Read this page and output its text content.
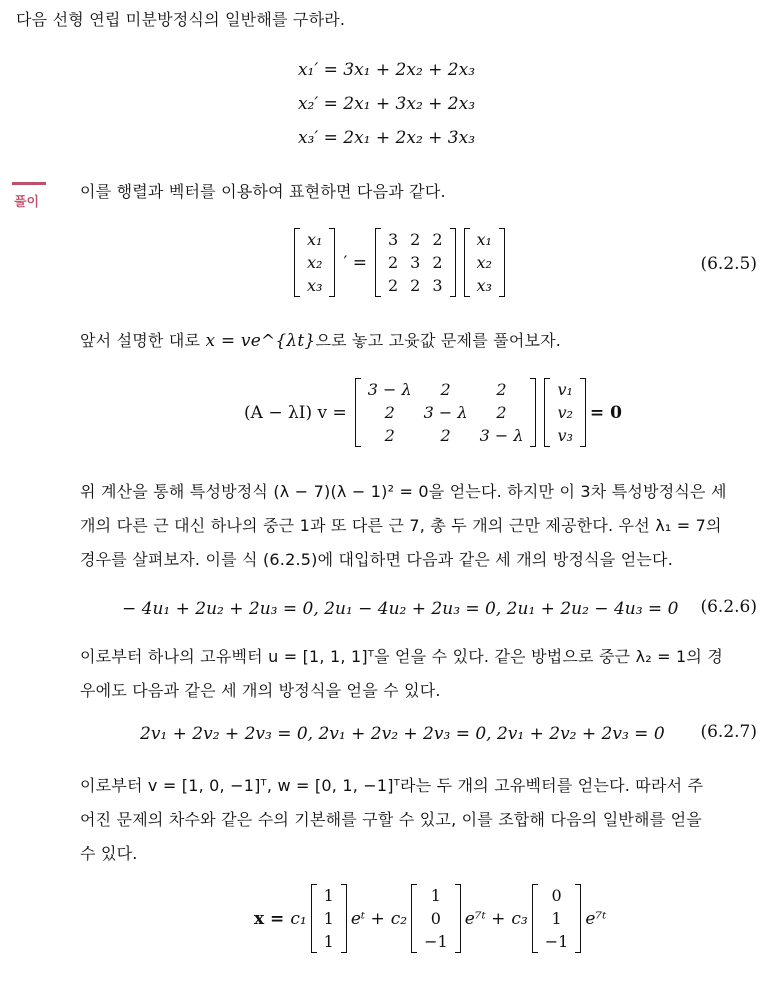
다음 선형 연립 미분방정식의 일반해를 구하라.
x₁′ = 3x₁ + 2x₂ + 2x₃
x₂′ = 2x₁ + 3x₂ + 2x₃
x₃′ = 2x₁ + 2x₂ + 3x₃
풀이
이를 행렬과 벡터를 이용하여 표현하면 다음과 같다.
x₁
x₂
x₃
′ =
3 2 2
2 3 2
2 2 3
x₁
x₂
x₃
(6.2.5)
앞서 설명한 대로 x = ve^{λt}으로 놓고 고윳값 문제를 풀어보자.
(A − λI) v =
3 − λ	2	2
2	3 − λ	2
2	2	3 − λ
v₁
v₂
v₃
= 0
위 계산을 통해 특성방정식 (λ − 7)(λ − 1)² = 0을 얻는다. 하지만 이 3차 특성방정식은 세
개의 다른 근 대신 하나의 중근 1과 또 다른 근 7, 총 두 개의 근만 제공한다. 우선 λ₁ = 7의
경우를 살펴보자. 이를 식 (6.2.5)에 대입하면 다음과 같은 세 개의 방정식을 얻는다.
− 4u₁ + 2u₂ + 2u₃ = 0, 2u₁ − 4u₂ + 2u₃ = 0, 2u₁ + 2u₂ − 4u₃ = 0 (6.2.6)
이로부터 하나의 고유벡터 u = [1, 1, 1]ᵀ을 얻을 수 있다. 같은 방법으로 중근 λ₂ = 1의 경
우에도 다음과 같은 세 개의 방정식을 얻을 수 있다.
2v₁ + 2v₂ + 2v₃ = 0, 2v₁ + 2v₂ + 2v₃ = 0, 2v₁ + 2v₂ + 2v₃ = 0 (6.2.7)
이로부터 v = [1, 0, −1]ᵀ, w = [0, 1, −1]ᵀ라는 두 개의 고유벡터를 얻는다. 따라서 주
어진 문제의 차수와 같은 수의 기본해를 구할 수 있고, 이를 조합해 다음의 일반해를 얻을
수 있다.
x = c₁
1
1
1
eᵗ + c₂
1
0
−1
e⁷ᵗ + c₃
0
1
−1
e⁷ᵗ
